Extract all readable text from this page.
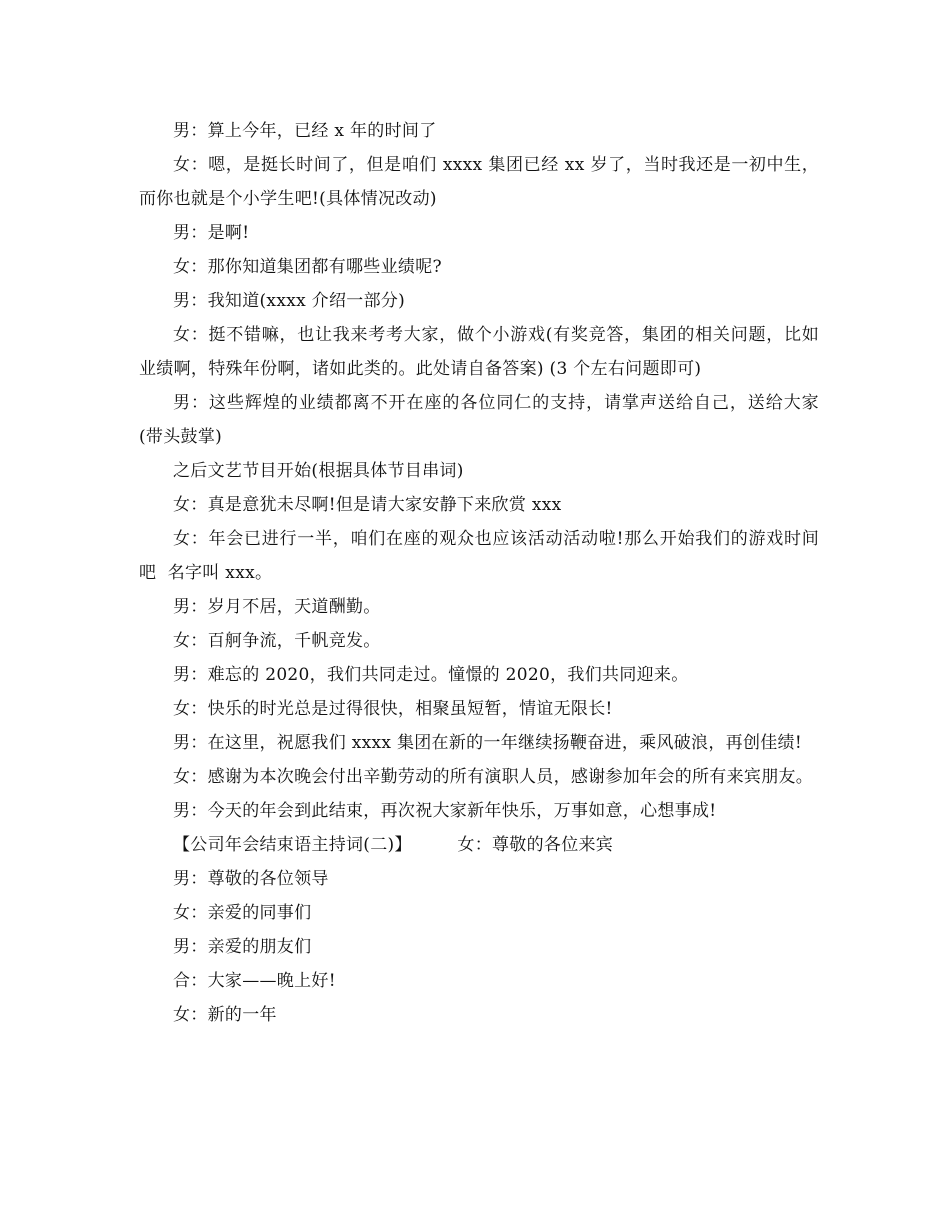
男：算上今年，已经 x 年的时间了

女：嗯，是挺长时间了，但是咱们 xxxx 集团已经 xx 岁了，当时我还是一初中生，而你也就是个小学生吧!(具体情况改动)

男：是啊!

女：那你知道集团都有哪些业绩呢?

男：我知道(xxxx 介绍一部分)

女：挺不错嘛，也让我来考考大家，做个小游戏(有奖竞答，集团的相关问题，比如业绩啊，特殊年份啊，诸如此类的。此处请自备答案) (3 个左右问题即可)

男：这些辉煌的业绩都离不开在座的各位同仁的支持，请掌声送给自己，送给大家(带头鼓掌)

之后文艺节目开始(根据具体节目串词)

女：真是意犹未尽啊!但是请大家安静下来欣赏 xxx

女：年会已进行一半，咱们在座的观众也应该活动活动啦!那么开始我们的游戏时间吧  名字叫 xxx。

男：岁月不居，天道酬勤。

女：百舸争流，千帆竞发。

男：难忘的 2020，我们共同走过。憧憬的 2020，我们共同迎来。

女：快乐的时光总是过得很快，相聚虽短暂，情谊无限长!

男：在这里，祝愿我们 xxxx 集团在新的一年继续扬鞭奋进，乘风破浪，再创佳绩!

女：感谢为本次晚会付出辛勤劳动的所有演职人员，感谢参加年会的所有来宾朋友。

男：今天的年会到此结束，再次祝大家新年快乐，万事如意，心想事成!

【公司年会结束语主持词(二)】        女：尊敬的各位来宾

男：尊敬的各位领导

女：亲爱的同事们

男：亲爱的朋友们

合：大家——晚上好!

女：新的一年
